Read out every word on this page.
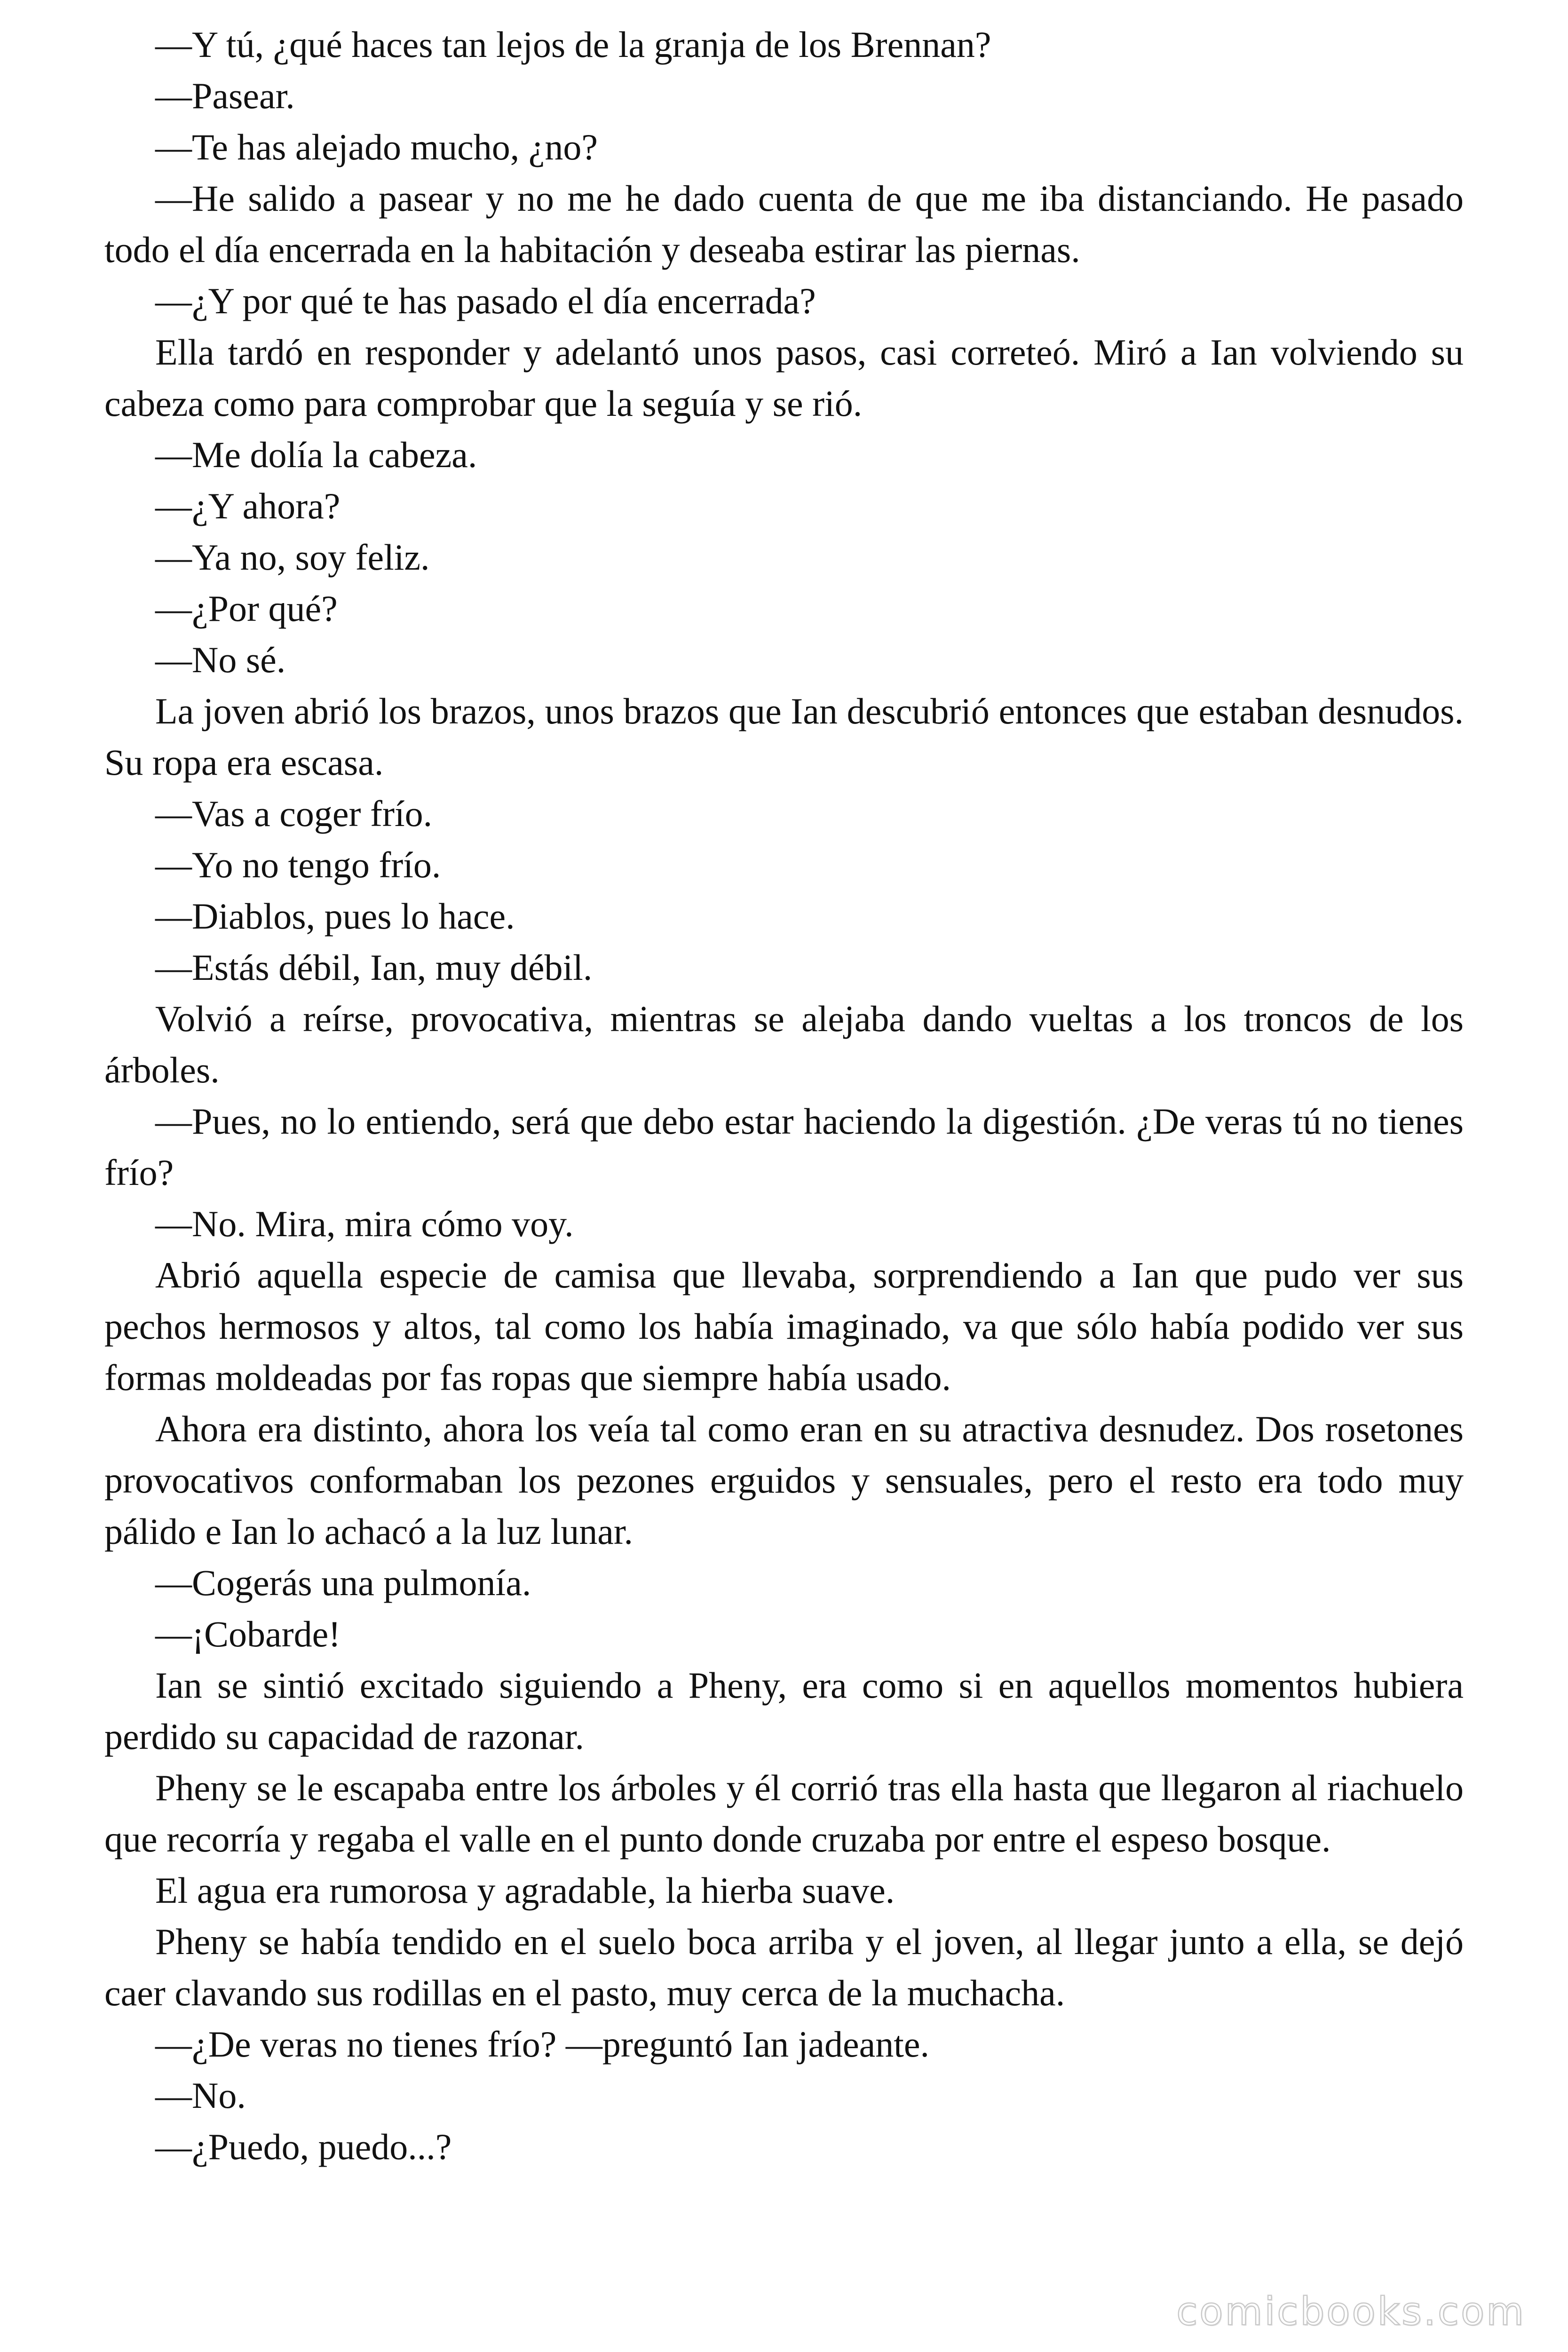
—Y tú, ¿qué haces tan lejos de la granja de los Brennan?

—Pasear.

—Te has alejado mucho, ¿no?

—He salido a pasear y no me he dado cuenta de que me iba distanciando. He pasado todo el día encerrada en la habitación y deseaba estirar las piernas.

—¿Y por qué te has pasado el día encerrada?

Ella tardó en responder y adelantó unos pasos, casi correteó. Miró a Ian volviendo su cabeza como para comprobar que la seguía y se rió.

—Me dolía la cabeza.

—¿Y ahora?

—Ya no, soy feliz.

—¿Por qué?

—No sé.

La joven abrió los brazos, unos brazos que Ian descubrió entonces que estaban desnudos. Su ropa era escasa.

—Vas a coger frío.

—Yo no tengo frío.

—Diablos, pues lo hace.

—Estás débil, Ian, muy débil.

Volvió a reírse, provocativa, mientras se alejaba dando vueltas a los troncos de los árboles.

—Pues, no lo entiendo, será que debo estar haciendo la digestión. ¿De veras tú no tienes frío?

—No. Mira, mira cómo voy.

Abrió aquella especie de camisa que llevaba, sorprendiendo a Ian que pudo ver sus pechos hermosos y altos, tal como los había imaginado, va que sólo había podido ver sus formas moldeadas por fas ropas que siempre había usado.

Ahora era distinto, ahora los veía tal como eran en su atractiva desnudez. Dos rosetones provocativos conformaban los pezones erguidos y sensuales, pero el resto era todo muy pálido e Ian lo achacó a la luz lunar.

—Cogerás una pulmonía.

—¡Cobarde!

Ian se sintió excitado siguiendo a Pheny, era como si en aquellos momentos hubiera perdido su capacidad de razonar.

Pheny se le escapaba entre los árboles y él corrió tras ella hasta que llegaron al riachuelo que recorría y regaba el valle en el punto donde cruzaba por entre el espeso bosque.

El agua era rumorosa y agradable, la hierba suave.

Pheny se había tendido en el suelo boca arriba y el joven, al llegar junto a ella, se dejó caer clavando sus rodillas en el pasto, muy cerca de la muchacha.

—¿De veras no tienes frío? —preguntó Ian jadeante.

—No.

—¿Puedo, puedo...?

comicbooks.com
